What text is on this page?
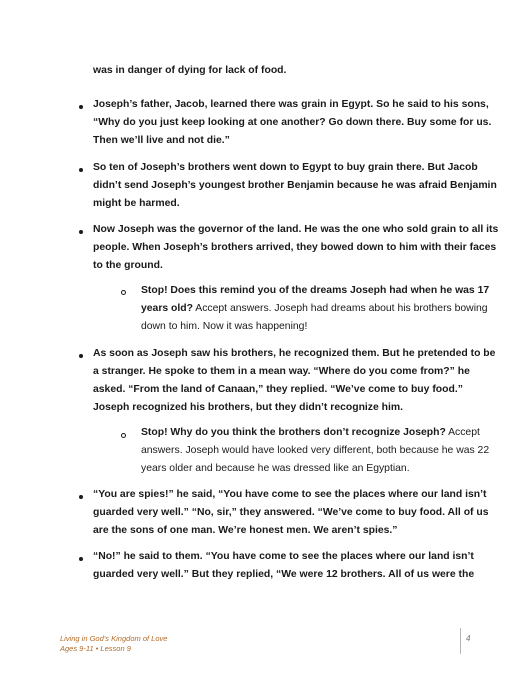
was in danger of dying for lack of food.
Joseph’s father, Jacob, learned there was grain in Egypt. So he said to his sons,
“Why do you just keep looking at one another? Go down there. Buy some for us.
Then we’ll live and not die.”
So ten of Joseph’s brothers went down to Egypt to buy grain there. But Jacob
didn’t send Joseph’s youngest brother Benjamin because he was afraid Benjamin
might be harmed.
Now Joseph was the governor of the land. He was the one who sold grain to all its
people. When Joseph’s brothers arrived, they bowed down to him with their faces
to the ground.
Stop! Does this remind you of the dreams Joseph had when he was 17
years old? Accept answers. Joseph had dreams about his brothers bowing
down to him. Now it was happening!
As soon as Joseph saw his brothers, he recognized them. But he pretended to be
a stranger. He spoke to them in a mean way. “Where do you come from?” he
asked. “From the land of Canaan,” they replied. “We’ve come to buy food.”
Joseph recognized his brothers, but they didn’t recognize him.
Stop! Why do you think the brothers don’t recognize Joseph? Accept
answers. Joseph would have looked very different, both because he was 22
years older and because he was dressed like an Egyptian.
“You are spies!” he said, “You have come to see the places where our land isn’t
guarded very well.” “No, sir,” they answered. “We’ve come to buy food. All of us
are the sons of one man. We’re honest men. We aren’t spies.”
“No!” he said to them. “You have come to see the places where our land isn’t
guarded very well.” But they replied, “We were 12 brothers. All of us were the
Living in God’s Kingdom of Love
Ages 9-11 • Lesson 9
4
